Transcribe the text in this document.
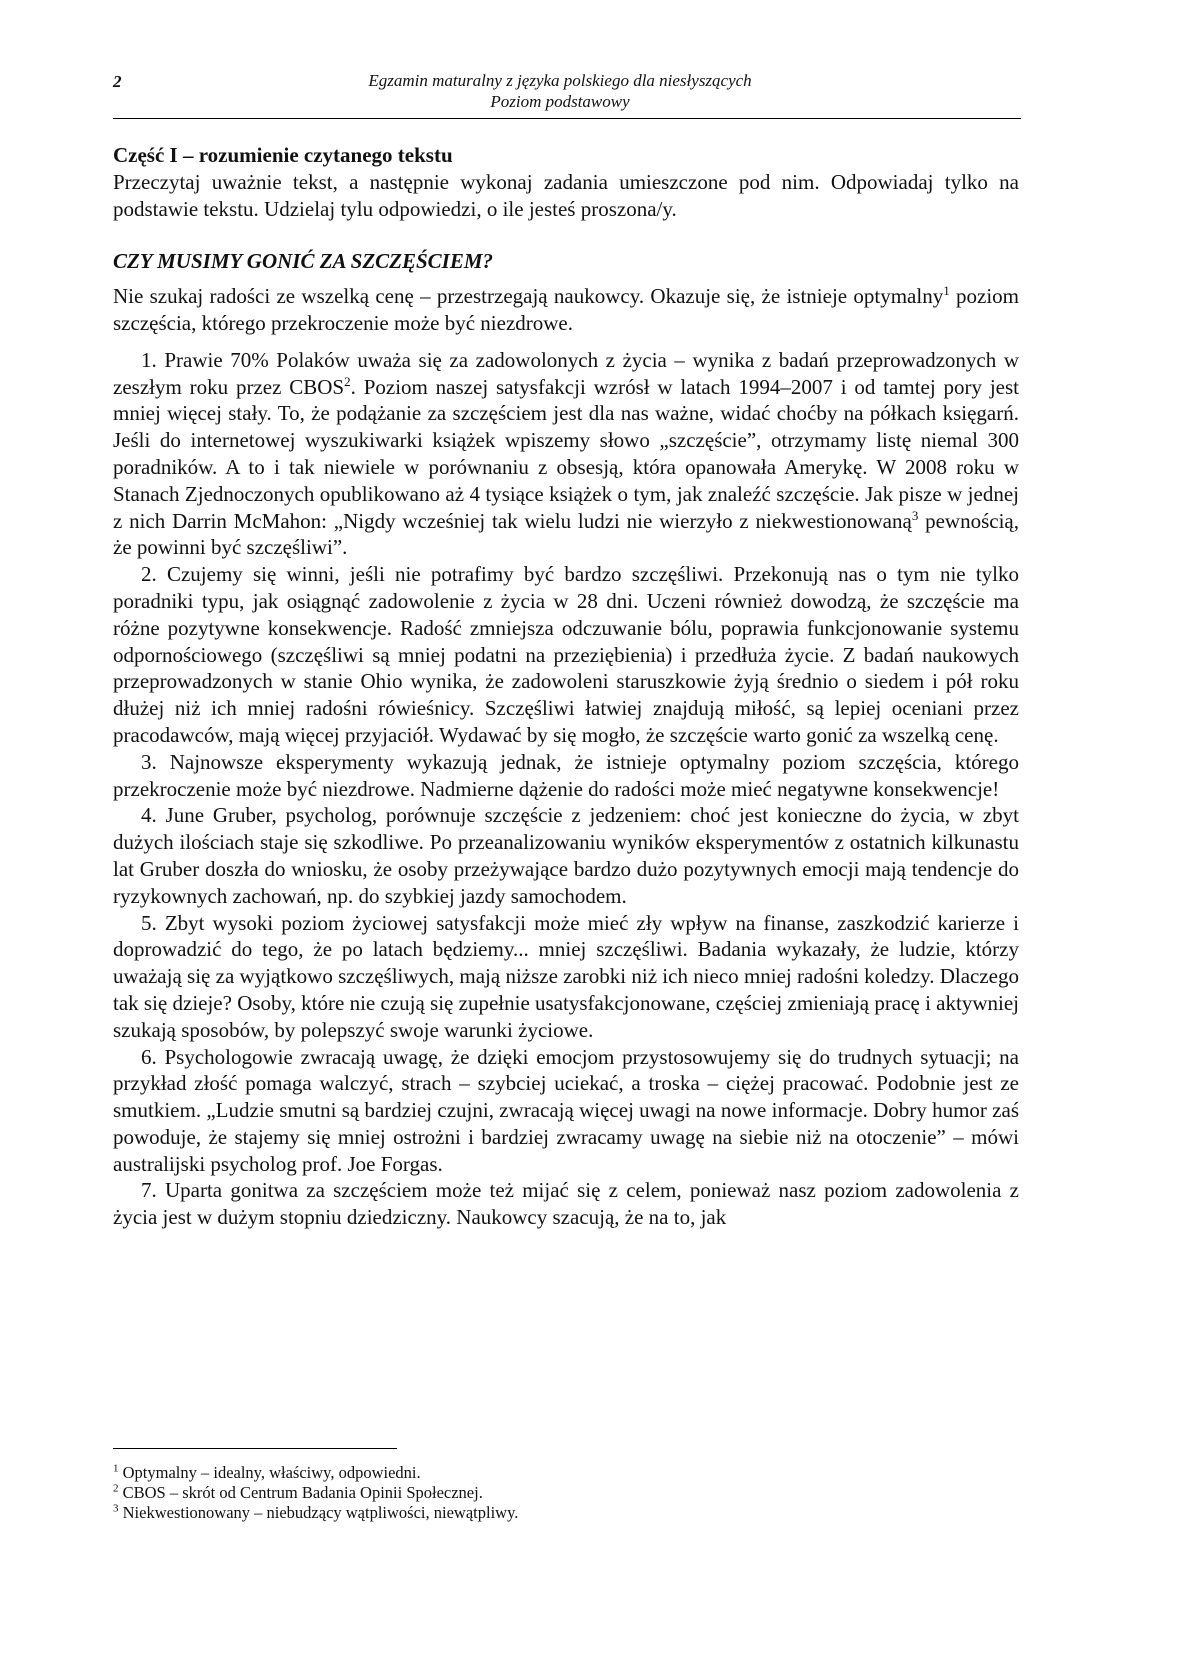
2	Egzamin maturalny z języka polskiego dla niesłyszących
Poziom podstawowy
Część I – rozumienie czytanego tekstu

Przeczytaj uważnie tekst, a następnie wykonaj zadania umieszczone pod nim. Odpowiadaj tylko na podstawie tekstu. Udzielaj tylu odpowiedzi, o ile jesteś proszona/y.

CZY MUSIMY GONIĆ ZA SZCZĘŚCIEM?

Nie szukaj radości ze wszelką cenę – przestrzegają naukowcy. Okazuje się, że istnieje optymalny$^1$ poziom szczęścia, którego przekroczenie może być niezdrowe.

1. Prawie 70% Polaków uważa się za zadowolonych z życia – wynika z badań przeprowadzonych w zeszłym roku przez CBOS$^2$. Poziom naszej satysfakcji wzrósł w latach 1994–2007 i od tamtej pory jest mniej więcej stały. To, że podążanie za szczęściem jest dla nas ważne, widać choćby na półkach księgarń. Jeśli do internetowej wyszukiwarki książek wpiszemy słowo „szczęście”, otrzymamy listę niemal 300 poradników. A to i tak niewiele w porównaniu z obsesją, która opanowała Amerykę. W 2008 roku w Stanach Zjednoczonych opublikowano aż 4 tysiące książek o tym, jak znaleźć szczęście. Jak pisze w jednej z nich Darrin McMahon: „Nigdy wcześniej tak wielu ludzi nie wierzyło z niekwestionowaną$^3$ pewnością, że powinni być szczęśliwi”.

2. Czujemy się winni, jeśli nie potrafimy być bardzo szczęśliwi. Przekonują nas o tym nie tylko poradniki typu, jak osiągnąć zadowolenie z życia w 28 dni. Uczeni również dowodzą, że szczęście ma różne pozytywne konsekwencje. Radość zmniejsza odczuwanie bólu, poprawia funkcjonowanie systemu odpornościowego (szczęśliwi są mniej podatni na przeziębienia) i przedłuża życie. Z badań naukowych przeprowadzonych w stanie Ohio wynika, że zadowoleni staruszkowie żyją średnio o siedem i pół roku dłużej niż ich mniej radośni rówieśnicy. Szczęśliwi łatwiej znajdują miłość, są lepiej oceniani przez pracodawców, mają więcej przyjaciół. Wydawać by się mogło, że szczęście warto gonić za wszelką cenę.

3. Najnowsze eksperymenty wykazują jednak, że istnieje optymalny poziom szczęścia, którego przekroczenie może być niezdrowe. Nadmierne dążenie do radości może mieć negatywne konsekwencje!

4. June Gruber, psycholog, porównuje szczęście z jedzeniem: choć jest konieczne do życia, w zbyt dużych ilościach staje się szkodliwe. Po przeanalizowaniu wyników eksperymentów z ostatnich kilkunastu lat Gruber doszła do wniosku, że osoby przeżywające bardzo dużo pozytywnych emocji mają tendencje do ryzykownych zachowań, np. do szybkiej jazdy samochodem.

5. Zbyt wysoki poziom życiowej satysfakcji może mieć zły wpływ na finanse, zaszkodzić karierze i doprowadzić do tego, że po latach będziemy... mniej szczęśliwi. Badania wykazały, że ludzie, którzy uważają się za wyjątkowo szczęśliwych, mają niższe zarobki niż ich nieco mniej radośni koledzy. Dlaczego tak się dzieje? Osoby, które nie czują się zupełnie usatysfakcjonowane, częściej zmieniają pracę i aktywniej szukają sposobów, by polepszyć swoje warunki życiowe.

6. Psychologowie zwracają uwagę, że dzięki emocjom przystosowujemy się do trudnych sytuacji; na przykład złość pomaga walczyć, strach – szybciej uciekać, a troska – ciężej pracować. Podobnie jest ze smutkiem. „Ludzie smutni są bardziej czujni, zwracają więcej uwagi na nowe informacje. Dobry humor zaś powoduje, że stajemy się mniej ostrożni i bardziej zwracamy uwagę na siebie niż na otoczenie” – mówi australijski psycholog prof. Joe Forgas.

7. Uparta gonitwa za szczęściem może też mijać się z celem, ponieważ nasz poziom zadowolenia z życia jest w dużym stopniu dziedziczny. Naukowcy szacują, że na to, jak

$^1$ Optymalny – idealny, właściwy, odpowiedni.

$^2$ CBOS – skrót od Centrum Badania Opinii Społecznej.

$^3$ Niekwestionowany – niebudzący wątpliwości, niewątpliwy.
